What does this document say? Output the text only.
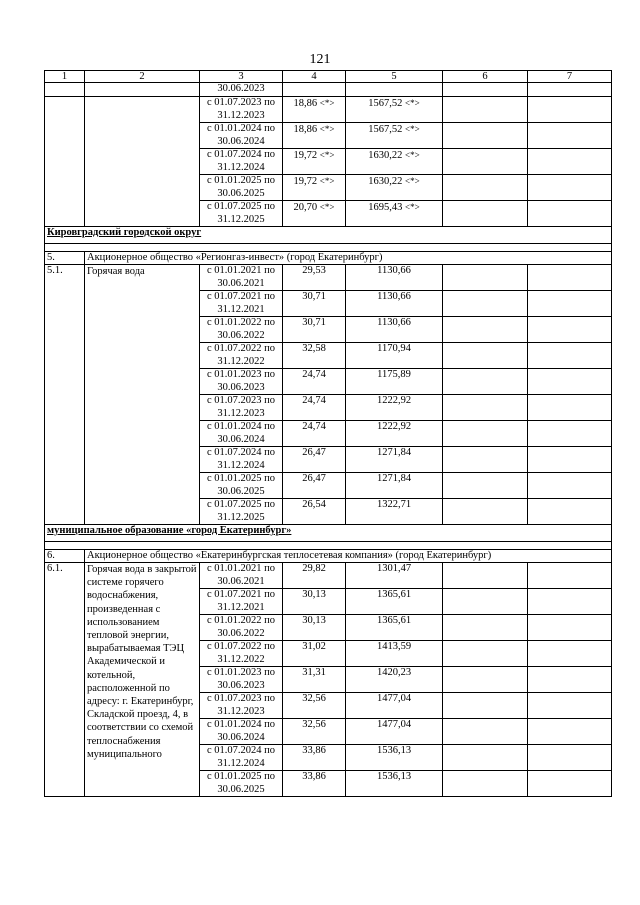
121
1	2	3	4	5	6	7
		30.06.2023				
		с 01.07.2023 по 31.12.2023	18,86 <*>	1567,52 <*>		
		с 01.01.2024 по 30.06.2024	18,86 <*>	1567,52 <*>		
		с 01.07.2024 по 31.12.2024	19,72 <*>	1630,22 <*>		
		с 01.01.2025 по 30.06.2025	19,72 <*>	1630,22 <*>		
		с 01.07.2025 по 31.12.2025	20,70 <*>	1695,43 <*>		
Кировградский городской округ						

5.	Акционерное общество «Регионгаз-инвест» (город Екатеринбург)					
5.1.	Горячая вода	с 01.01.2021 по 30.06.2021	29,53	1130,66		
		с 01.07.2021 по 31.12.2021	30,71	1130,66		
		с 01.01.2022 по 30.06.2022	30,71	1130,66		
		с 01.07.2022 по 31.12.2022	32,58	1170,94		
		с 01.01.2023 по 30.06.2023	24,74	1175,89		
		с 01.07.2023 по 31.12.2023	24,74	1222,92		
		с 01.01.2024 по 30.06.2024	24,74	1222,92		
		с 01.07.2024 по 31.12.2024	26,47	1271,84		
		с 01.01.2025 по 30.06.2025	26,47	1271,84		
		с 01.07.2025 по 31.12.2025	26,54	1322,71		
муниципальное образование «город Екатеринбург»						

6.	Акционерное общество «Екатеринбургская теплосетевая компания» (город Екатеринбург)					
6.1.	Горячая вода в закрытой системе горячего водоснабжения, произведенная с использованием тепловой энергии, вырабатываемая ТЭЦ Академической и котельной, расположенной по адресу: г. Екатеринбург, Складской проезд, 4, в соответствии со схемой теплоснабжения муниципального	с 01.01.2021 по 30.06.2021	29,82	1301,47		
		с 01.07.2021 по 31.12.2021	30,13	1365,61		
		с 01.01.2022 по 30.06.2022	30,13	1365,61		
		с 01.07.2022 по 31.12.2022	31,02	1413,59		
		с 01.01.2023 по 30.06.2023	31,31	1420,23		
		с 01.07.2023 по 31.12.2023	32,56	1477,04		
		с 01.01.2024 по 30.06.2024	32,56	1477,04		
		с 01.07.2024 по 31.12.2024	33,86	1536,13		
		с 01.01.2025 по 30.06.2025	33,86	1536,13		
